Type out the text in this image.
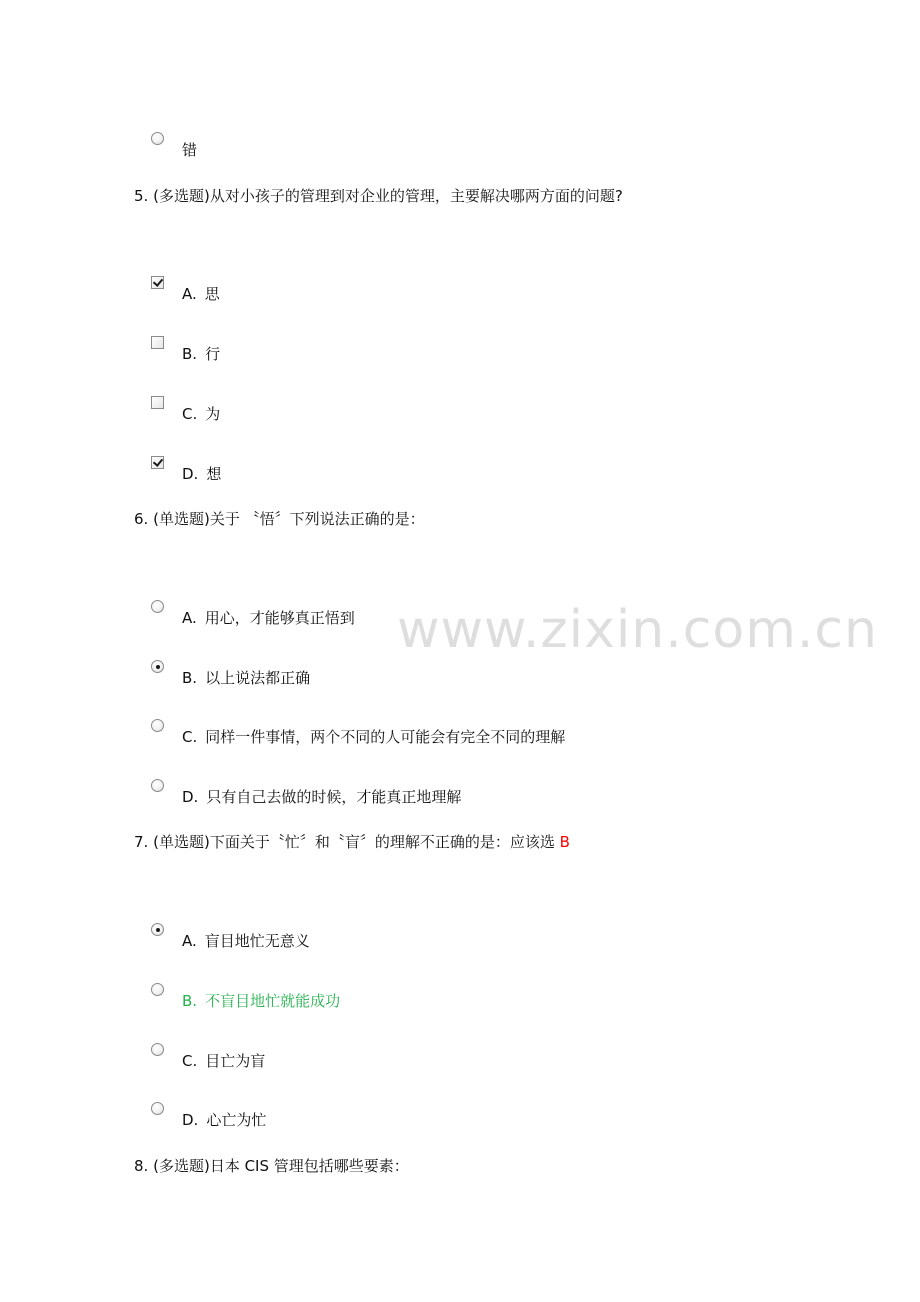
错
5. (多选题)从对小孩子的管理到对企业的管理，主要解决哪两方面的问题?
A. 思
B. 行
C. 为
D. 想
6. (单选题)关于 〝悟〞下列说法正确的是：
A. 用心，才能够真正悟到
B. 以上说法都正确
C. 同样一件事情，两个不同的人可能会有完全不同的理解
D. 只有自己去做的时候，才能真正地理解
7. (单选题)下面关于〝忙〞和〝盲〞的理解不正确的是：应该选 B
A. 盲目地忙无意义
B. 不盲目地忙就能成功
C. 目亡为盲
D. 心亡为忙
8. (多选题)日本 CIS 管理包括哪些要素：
www.zixin.com.cn
